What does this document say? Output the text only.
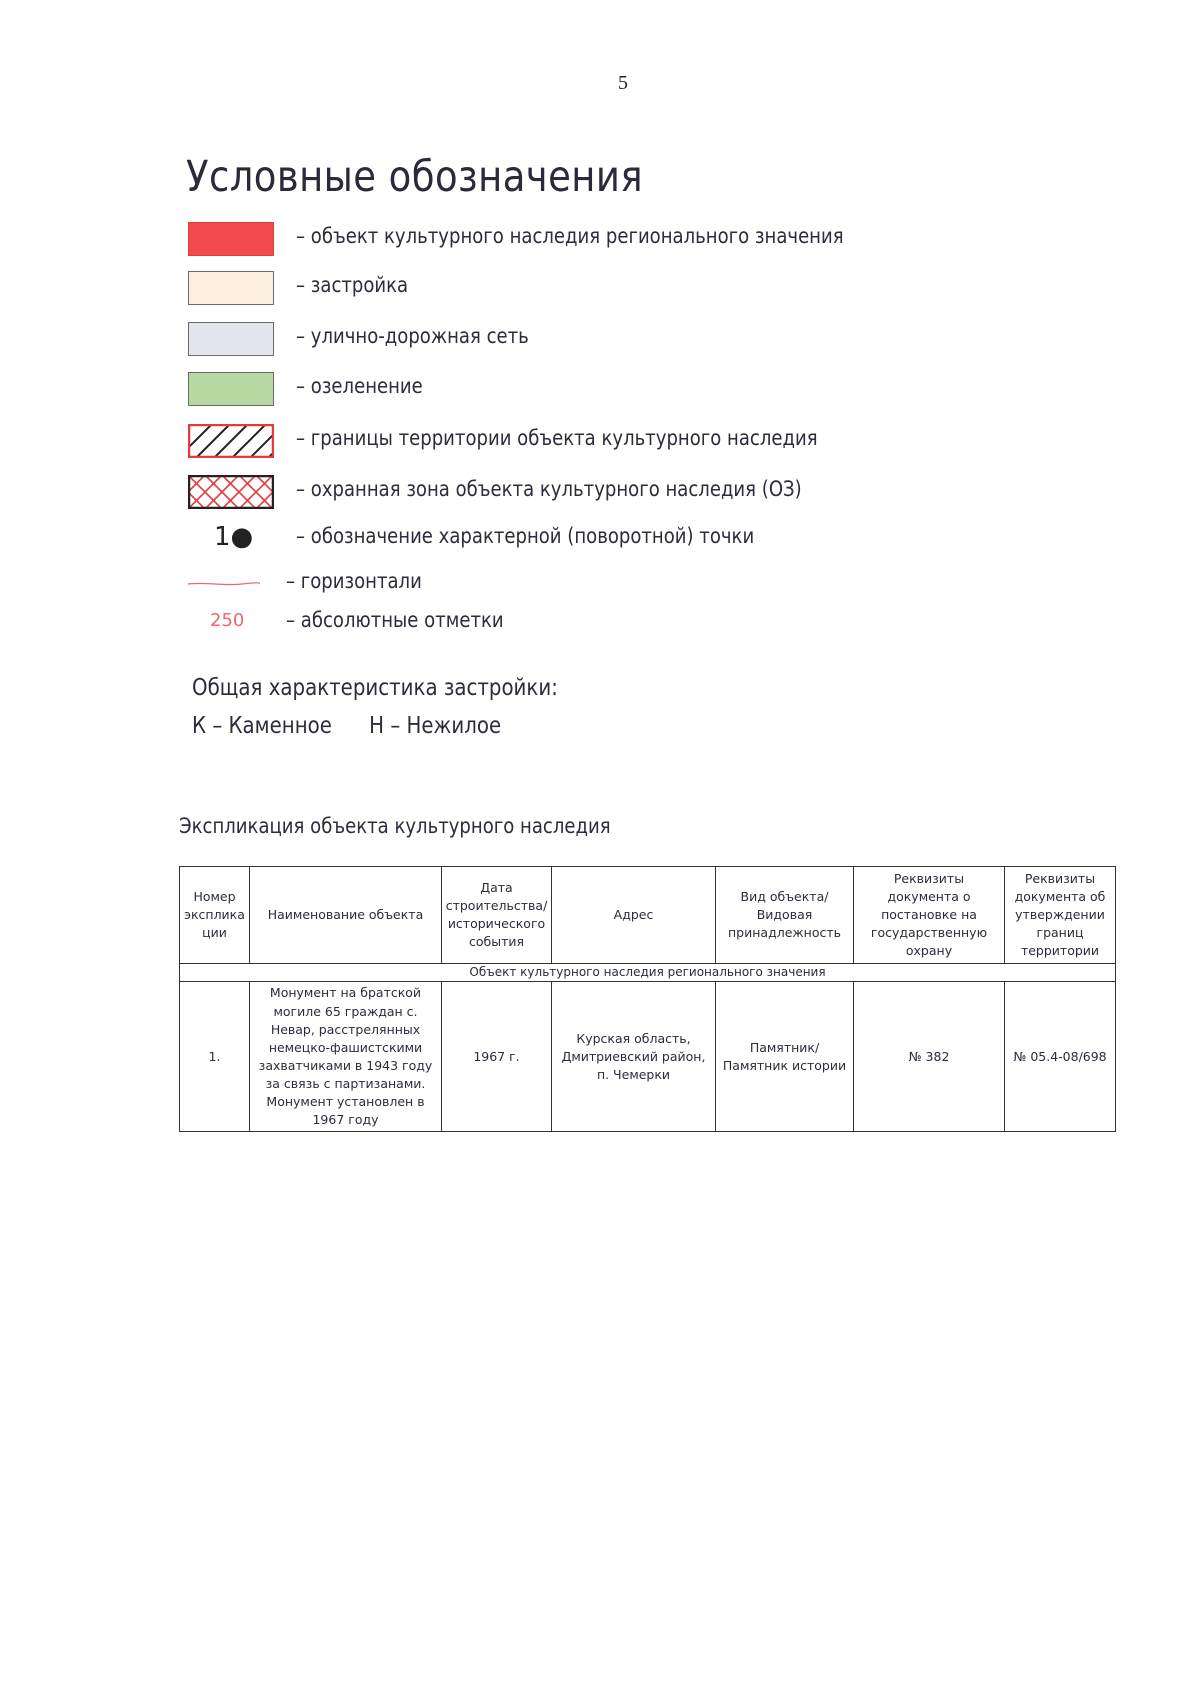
5
Условные обозначения
– объект культурного наследия регионального значения
– застройка
– улично-дорожная сеть
– озеленение
– границы территории объекта культурного наследия
– охранная зона объекта культурного наследия (ОЗ)
1● – обозначение характерной (поворотной) точки
– горизонтали
250 – абсолютные отметки
Общая характеристика застройки:
К – Каменное Н – Нежилое
Экспликация объекта культурного наследия
Номер экспликации	Наименование объекта	Дата строительства/исторического события	Адрес	Вид объекта/Видовая принадлежность	Реквизиты документа о постановке на государственную охрану	Реквизиты документа об утверждении границ территории
Объект культурного наследия регионального значения						
1.	Монумент на братской могиле 65 граждан с. Невар, расстрелянных немецко-фашистскими захватчиками в 1943 году за связь с партизанами. Монумент установлен в 1967 году	1967 г.	Курская область, Дмитриевский район, п. Чемерки	Памятник/Памятник истории	№ 382	№ 05.4-08/698
